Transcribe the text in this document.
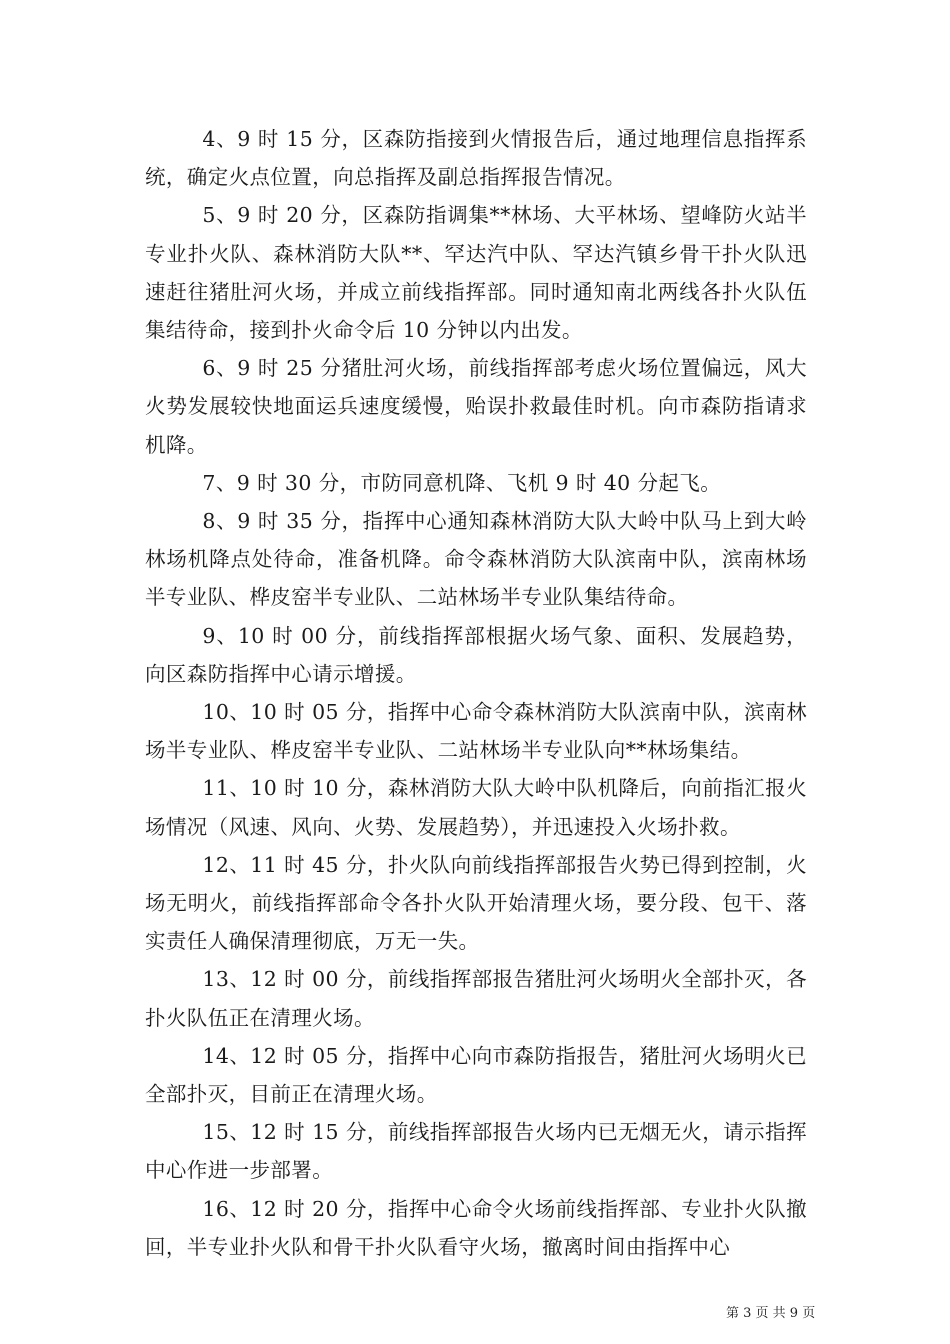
4、9 时 15 分，区森防指接到火情报告后，通过地理信息指挥系统，确定火点位置，向总指挥及副总指挥报告情况。

5、9 时 20 分，区森防指调集**林场、大平林场、望峰防火站半专业扑火队、森林消防大队**、罕达汽中队、罕达汽镇乡骨干扑火队迅速赶往猪肚河火场，并成立前线指挥部。同时通知南北两线各扑火队伍集结待命，接到扑火命令后 10 分钟以内出发。

6、9 时 25 分猪肚河火场，前线指挥部考虑火场位置偏远，风大火势发展较快地面运兵速度缓慢，贻误扑救最佳时机。向市森防指请求机降。

7、9 时 30 分，市防同意机降、飞机 9 时 40 分起飞。

8、9 时 35 分，指挥中心通知森林消防大队大岭中队马上到大岭林场机降点处待命，准备机降。命令森林消防大队滨南中队，滨南林场半专业队、桦皮窑半专业队、二站林场半专业队集结待命。

9、10 时 00 分，前线指挥部根据火场气象、面积、发展趋势，向区森防指挥中心请示增援。

10、10 时 05 分，指挥中心命令森林消防大队滨南中队，滨南林场半专业队、桦皮窑半专业队、二站林场半专业队向**林场集结。

11、10 时 10 分，森林消防大队大岭中队机降后，向前指汇报火场情况（风速、风向、火势、发展趋势），并迅速投入火场扑救。

12、11 时 45 分，扑火队向前线指挥部报告火势已得到控制，火场无明火，前线指挥部命令各扑火队开始清理火场，要分段、包干、落实责任人确保清理彻底，万无一失。

13、12 时 00 分，前线指挥部报告猪肚河火场明火全部扑灭，各扑火队伍正在清理火场。

14、12 时 05 分，指挥中心向市森防指报告，猪肚河火场明火已全部扑灭，目前正在清理火场。

15、12 时 15 分，前线指挥部报告火场内已无烟无火，请示指挥中心作进一步部署。

16、12 时 20 分，指挥中心命令火场前线指挥部、专业扑火队撤回，半专业扑火队和骨干扑火队看守火场，撤离时间由指挥中心

第 3 页 共 9 页
